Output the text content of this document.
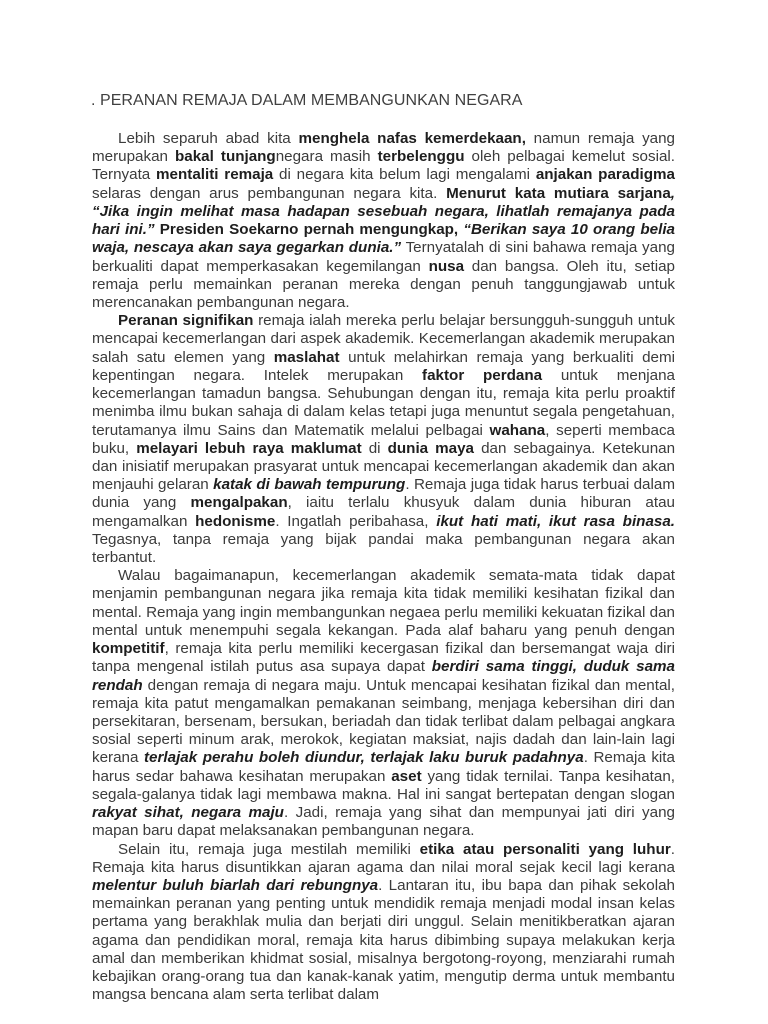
. PERANAN REMAJA DALAM MEMBANGUNKAN NEGARA

Lebih separuh abad kita menghela nafas kemerdekaan, namun remaja yang merupakan bakal tunjangnegara masih terbelenggu oleh pelbagai kemelut sosial. Ternyata mentaliti remaja di negara kita belum lagi mengalami anjakan paradigma selaras dengan arus pembangunan negara kita. Menurut kata mutiara sarjana, “Jika ingin melihat masa hadapan sesebuah negara, lihatlah remajanya pada hari ini.” Presiden Soekarno pernah mengungkap, “Berikan saya 10 orang belia waja, nescaya akan saya gegarkan dunia.” Ternyatalah di sini bahawa remaja yang berkualiti dapat memperkasakan kegemilangan nusa dan bangsa. Oleh itu, setiap remaja perlu memainkan peranan mereka dengan penuh tanggungjawab untuk merencanakan pembangunan negara.

Peranan signifikan remaja ialah mereka perlu belajar bersungguh-sungguh untuk mencapai kecemerlangan dari aspek akademik. Kecemerlangan akademik merupakan salah satu elemen yang maslahat untuk melahirkan remaja yang berkualiti demi kepentingan negara. Intelek merupakan faktor perdana untuk menjana kecemerlangan tamadun bangsa. Sehubungan dengan itu, remaja kita perlu proaktif menimba ilmu bukan sahaja di dalam kelas tetapi juga menuntut segala pengetahuan, terutamanya ilmu Sains dan Matematik melalui pelbagai wahana, seperti membaca buku, melayari lebuh raya maklumat di dunia maya dan sebagainya. Ketekunan dan inisiatif merupakan prasyarat untuk mencapai kecemerlangan akademik dan akan menjauhi gelaran katak di bawah tempurung. Remaja juga tidak harus terbuai dalam dunia yang mengalpakan, iaitu terlalu khusyuk dalam dunia hiburan atau mengamalkan hedonisme. Ingatlah peribahasa, ikut hati mati, ikut rasa binasa. Tegasnya, tanpa remaja yang bijak pandai maka pembangunan negara akan terbantut.

Walau bagaimanapun, kecemerlangan akademik semata-mata tidak dapat menjamin pembangunan negara jika remaja kita tidak memiliki kesihatan fizikal dan mental. Remaja yang ingin membangunkan negaea perlu memiliki kekuatan fizikal dan mental untuk menempuhi segala kekangan. Pada alaf baharu yang penuh dengan kompetitif, remaja kita perlu memiliki kecergasan fizikal dan bersemangat waja diri tanpa mengenal istilah putus asa supaya dapat berdiri sama tinggi, duduk sama rendah dengan remaja di negara maju. Untuk mencapai kesihatan fizikal dan mental, remaja kita patut mengamalkan pemakanan seimbang, menjaga kebersihan diri dan persekitaran, bersenam, bersukan, beriadah dan tidak terlibat dalam pelbagai angkara sosial seperti minum arak, merokok, kegiatan maksiat, najis dadah dan lain-lain lagi kerana terlajak perahu boleh diundur, terlajak laku buruk padahnya. Remaja kita harus sedar bahawa kesihatan merupakan aset yang tidak ternilai. Tanpa kesihatan, segala-galanya tidak lagi membawa makna. Hal ini sangat bertepatan dengan slogan rakyat sihat, negara maju. Jadi, remaja yang sihat dan mempunyai jati diri yang mapan baru dapat melaksanakan pembangunan negara.

Selain itu, remaja juga mestilah memiliki etika atau personaliti yang luhur. Remaja kita harus disuntikkan ajaran agama dan nilai moral sejak kecil lagi kerana melentur buluh biarlah dari rebungnya. Lantaran itu, ibu bapa dan pihak sekolah memainkan peranan yang penting untuk mendidik remaja menjadi modal insan kelas pertama yang berakhlak mulia dan berjati diri unggul. Selain menitikberatkan ajaran agama dan pendidikan moral, remaja kita harus dibimbing supaya melakukan kerja amal dan memberikan khidmat sosial, misalnya bergotong-royong, menziarahi rumah kebajikan orang-orang tua dan kanak-kanak yatim, mengutip derma untuk membantu mangsa bencana alam serta terlibat dalam
